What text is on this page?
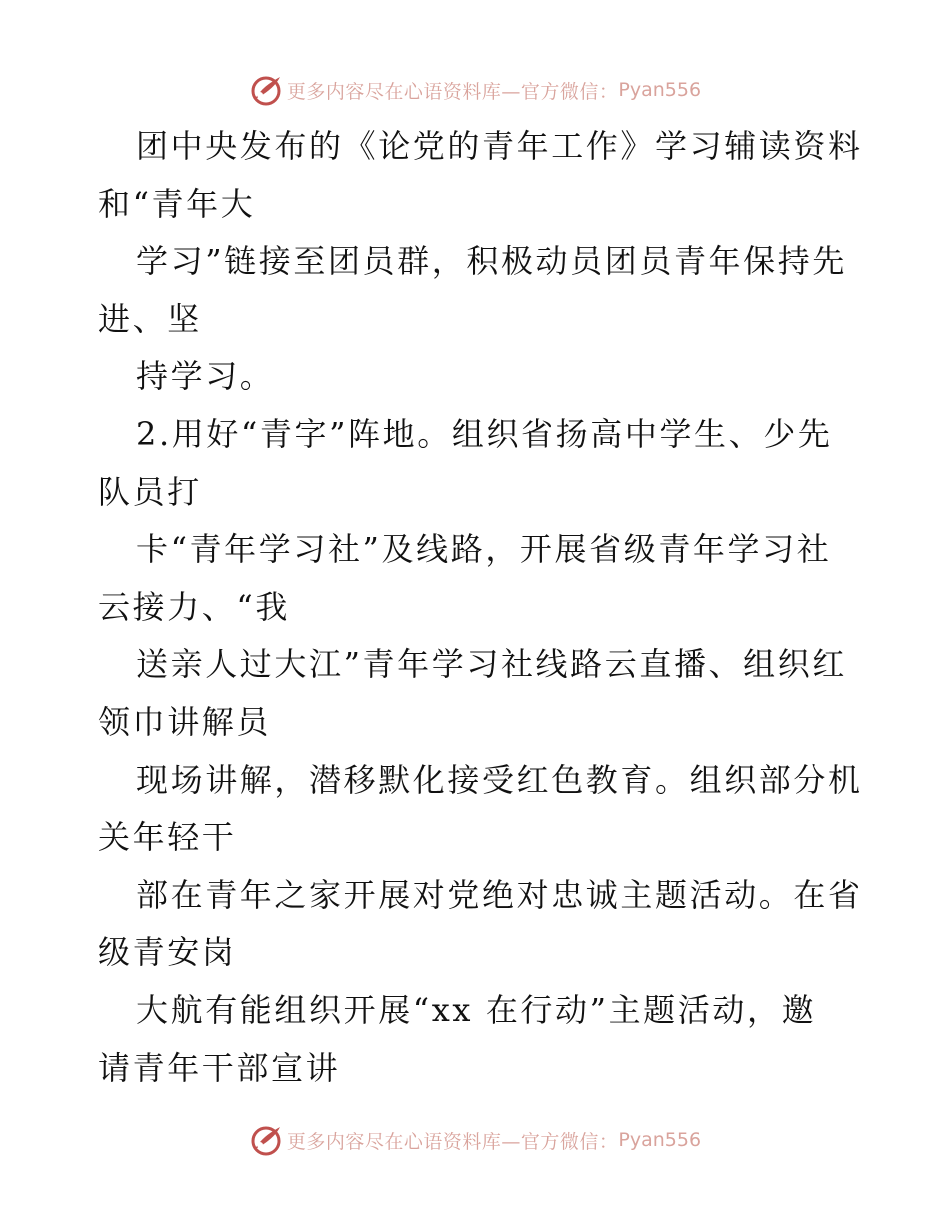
更多内容尽在心语资料库—官方微信： Pyan556
团中央发布的《论党的青年工作》学习辅读资料
和“青年大
学习”链接至团员群，积极动员团员青年保持先
进、坚
持学习。
2.用好“青字”阵地。组织省扬高中学生、少先
队员打
卡“青年学习社”及线路，开展省级青年学习社
云接力、“我
送亲人过大江”青年学习社线路云直播、组织红
领巾讲解员
现场讲解，潜移默化接受红色教育。组织部分机
关年轻干
部在青年之家开展对党绝对忠诚主题活动。在省
级青安岗
大航有能组织开展“xx 在行动”主题活动，邀
请青年干部宣讲
更多内容尽在心语资料库—官方微信： Pyan556
